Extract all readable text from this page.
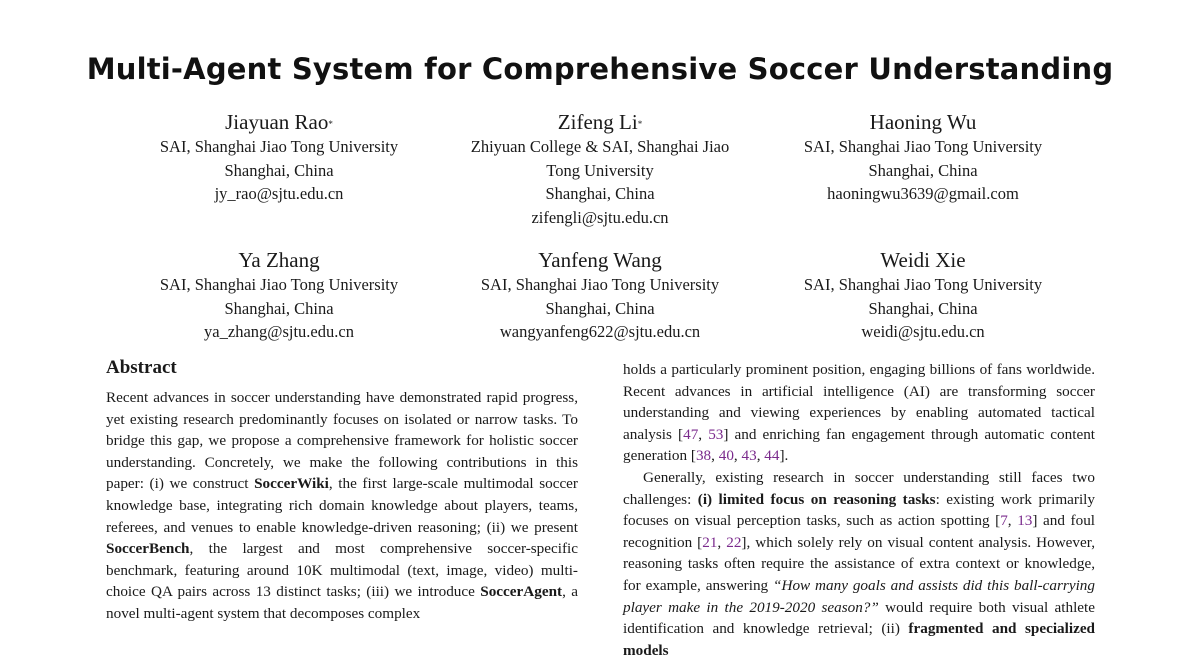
Multi-Agent System for Comprehensive Soccer Understanding
Jiayuan Rao*
SAI, Shanghai Jiao Tong University
Shanghai, China
jy_rao@sjtu.edu.cn
Zifeng Li*
Zhiyuan College & SAI, Shanghai Jiao
Tong University
Shanghai, China
zifengli@sjtu.edu.cn
Haoning Wu
SAI, Shanghai Jiao Tong University
Shanghai, China
haoningwu3639@gmail.com
Ya Zhang
SAI, Shanghai Jiao Tong University
Shanghai, China
ya_zhang@sjtu.edu.cn
Yanfeng Wang
SAI, Shanghai Jiao Tong University
Shanghai, China
wangyanfeng622@sjtu.edu.cn
Weidi Xie
SAI, Shanghai Jiao Tong University
Shanghai, China
weidi@sjtu.edu.cn
Abstract

Recent advances in soccer understanding have demonstrated rapid progress, yet existing research predominantly focuses on isolated or narrow tasks. To bridge this gap, we propose a comprehensive framework for holistic soccer understanding. Concretely, we make the following contributions in this paper: (i) we construct SoccerWiki, the first large-scale multimodal soccer knowledge base, integrating rich domain knowledge about players, teams, referees, and venues to enable knowledge-driven reasoning; (ii) we present SoccerBench, the largest and most comprehensive soccer-specific benchmark, featuring around 10K multimodal (text, image, video) multi-choice QA pairs across 13 distinct tasks; (iii) we introduce SoccerAgent, a novel multi-agent system that decomposes complex

holds a particularly prominent position, engaging billions of fans worldwide. Recent advances in artificial intelligence (AI) are transforming soccer understanding and viewing experiences by enabling automated tactical analysis [47, 53] and enriching fan engagement through automatic content generation [38, 40, 43, 44].

Generally, existing research in soccer understanding still faces two challenges: (i) limited focus on reasoning tasks: existing work primarily focuses on visual perception tasks, such as action spotting [7, 13] and foul recognition [21, 22], which solely rely on visual content analysis. However, reasoning tasks often require the assistance of extra context or knowledge, for example, answering “How many goals and assists did this ball-carrying player make in the 2019-2020 season?” would require both visual athlete identification and knowledge retrieval; (ii) fragmented and specialized models
